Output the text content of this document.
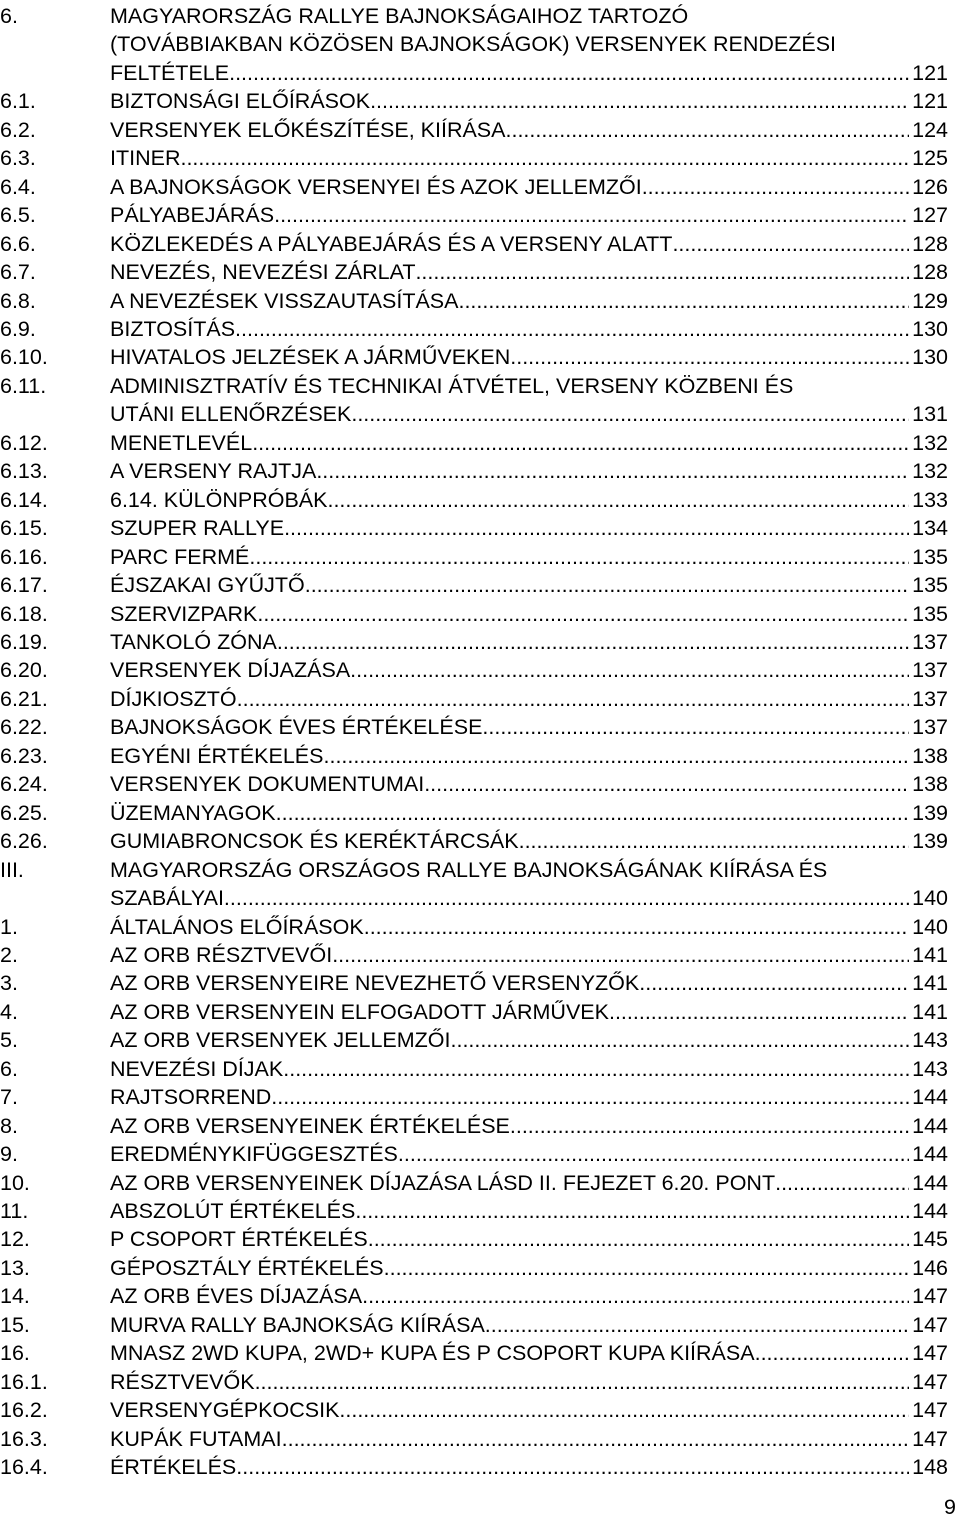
6.	MAGYARORSZÁG RALLYE BAJNOKSÁGAIHOZ TARTOZÓ
(TOVÁBBIAKBAN KÖZÖSEN BAJNOKSÁGOK) VERSENYEK RENDEZÉSI
FELTÉTELE .....	121
6.1.	BIZTONSÁGI ELŐÍRÁSOK .....	121
6.2.	VERSENYEK ELŐKÉSZÍTÉSE, KIÍRÁSA .....	124
6.3.	ITINER .....	125
6.4.	A BAJNOKSÁGOK VERSENYEI ÉS AZOK JELLEMZŐI .....	126
6.5.	PÁLYABEJÁRÁS .....	127
6.6.	KÖZLEKEDÉS A PÁLYABEJÁRÁS ÉS A VERSENY ALATT .....	128
6.7.	NEVEZÉS, NEVEZÉSI ZÁRLAT .....	128
6.8.	A NEVEZÉSEK VISSZAUTASÍTÁSA .....	129
6.9.	BIZTOSÍTÁS .....	130
6.10.	HIVATALOS JELZÉSEK A JÁRMŰVEKEN .....	130
6.11.	ADMINISZTRATÍV ÉS TECHNIKAI ÁTVÉTEL, VERSENY KÖZBENI ÉS
UTÁNI ELLENŐRZÉSEK .....	131
6.12.	MENETLEVÉL .....	132
6.13.	A VERSENY RAJTJA .....	132
6.14.	6.14. KÜLÖNPRÓBÁK .....	133
6.15.	SZUPER RALLYE .....	134
6.16.	PARC FERMÉ .....	135
6.17.	ÉJSZAKAI GYŰJTŐ .....	135
6.18.	SZERVIZPARK .....	135
6.19.	TANKOLÓ ZÓNA .....	137
6.20.	VERSENYEK DÍJAZÁSA .....	137
6.21.	DÍJKIOSZTÓ .....	137
6.22.	BAJNOKSÁGOK ÉVES ÉRTÉKELÉSE .....	137
6.23.	EGYÉNI ÉRTÉKELÉS .....	138
6.24.	VERSENYEK DOKUMENTUMAI .....	138
6.25.	ÜZEMANYAGOK .....	139
6.26.	GUMIABRONCSOK ÉS KERÉKTÁRCSÁK .....	139
III.	MAGYARORSZÁG ORSZÁGOS RALLYE BAJNOKSÁGÁNAK KIÍRÁSA ÉS
SZABÁLYAI .....	140
1.	ÁLTALÁNOS ELŐÍRÁSOK .....	140
2.	AZ ORB RÉSZTVEVŐI .....	141
3.	AZ ORB VERSENYEIRE NEVEZHETŐ VERSENYZŐK .....	141
4.	AZ ORB VERSENYEIN ELFOGADOTT JÁRMŰVEK .....	141
5.	AZ ORB VERSENYEK JELLEMZŐI .....	143
6.	NEVEZÉSI DÍJAK .....	143
7.	RAJTSORREND .....	144
8.	AZ ORB VERSENYEINEK ÉRTÉKELÉSE .....	144
9.	EREDMÉNYKIFÜGGESZTÉS .....	144
10.	AZ ORB VERSENYEINEK DÍJAZÁSA LÁSD II. FEJEZET 6.20. PONT .....	144
11.	ABSZOLÚT ÉRTÉKELÉS .....	144
12.	P CSOPORT ÉRTÉKELÉS .....	145
13.	GÉPOSZTÁLY ÉRTÉKELÉS .....	146
14.	AZ ORB ÉVES DÍJAZÁSA .....	147
15.	MURVA RALLY BAJNOKSÁG KIÍRÁSA .....	147
16.	MNASZ 2WD KUPA, 2WD+ KUPA ÉS P CSOPORT KUPA KIÍRÁSA .....	147
16.1.	RÉSZTVEVŐK .....	147
16.2.	VERSENYGÉPKOCSIK .....	147
16.3.	KUPÁK FUTAMAI .....	147
16.4.	ÉRTÉKELÉS .....	148
9
